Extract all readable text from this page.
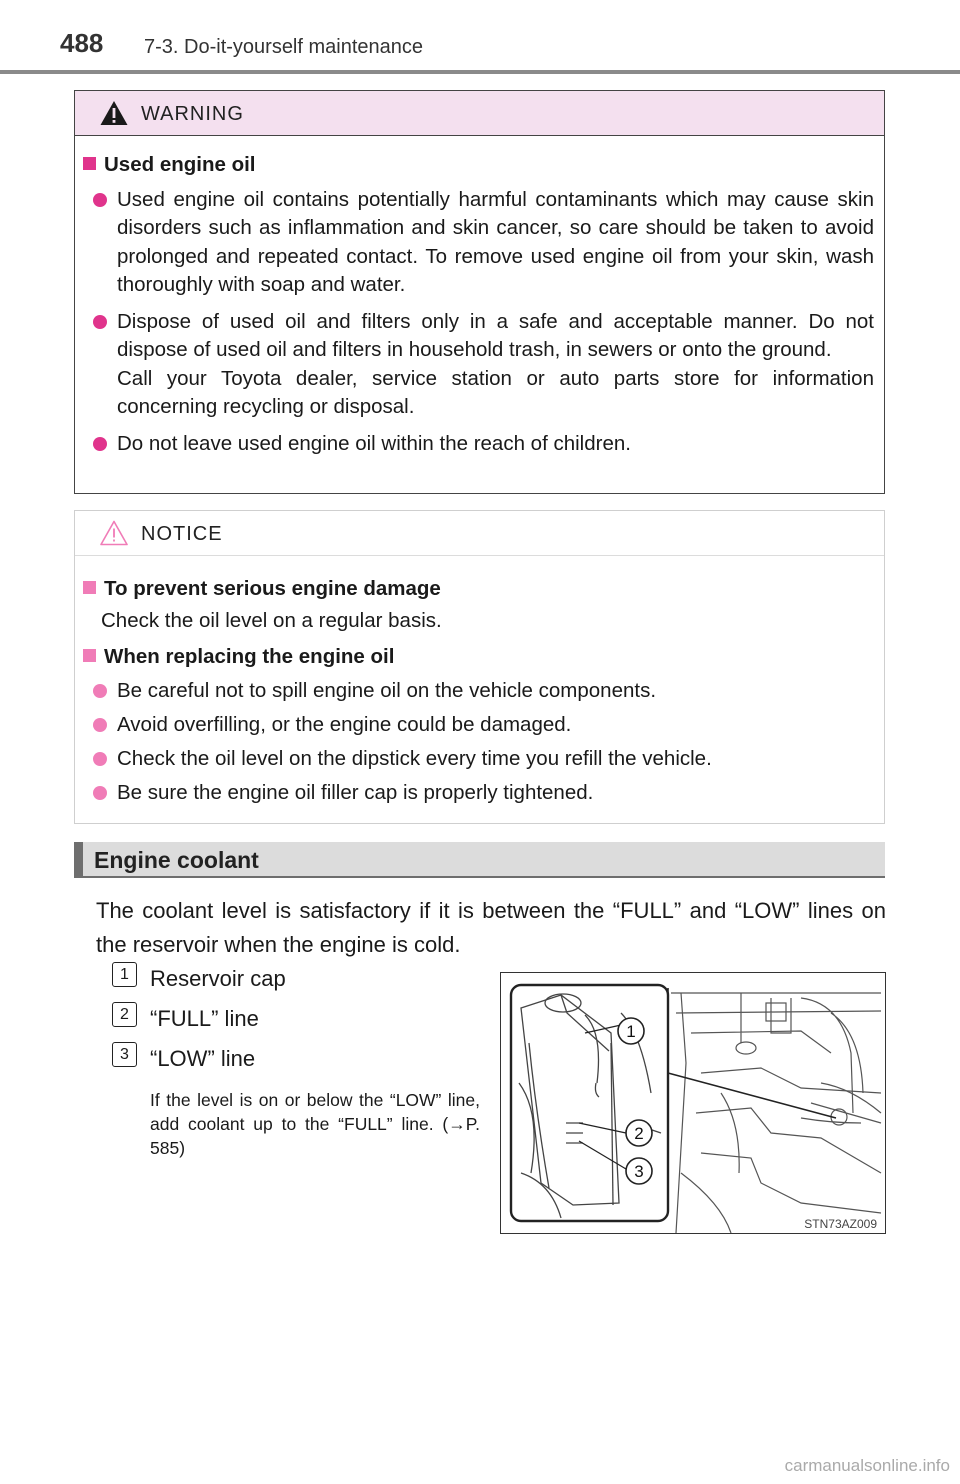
488 7-3. Do-it-yourself maintenance
WARNING
Used engine oil
Used engine oil contains potentially harmful contaminants which may cause skin disorders such as inflammation and skin cancer, so care should be taken to avoid prolonged and repeated contact. To remove used engine oil from your skin, wash thoroughly with soap and water.
Dispose of used oil and filters only in a safe and acceptable manner. Do not dispose of used oil and filters in household trash, in sewers or onto the ground.
Call your Toyota dealer, service station or auto parts store for information concerning recycling or disposal.
Do not leave used engine oil within the reach of children.
NOTICE
To prevent serious engine damage
Check the oil level on a regular basis.
When replacing the engine oil
Be careful not to spill engine oil on the vehicle components.
Avoid overfilling, or the engine could be damaged.
Check the oil level on the dipstick every time you refill the vehicle.
Be sure the engine oil filler cap is properly tightened.
Engine coolant
The coolant level is satisfactory if it is between the “FULL” and “LOW” lines on the reservoir when the engine is cold.
1 Reservoir cap
2 “FULL” line
3 “LOW” line
If the level is on or below the “LOW” line, add coolant up to the “FULL” line. (→P. 585)
1
2
3
STN73AZ009
carmanualsonline.info
